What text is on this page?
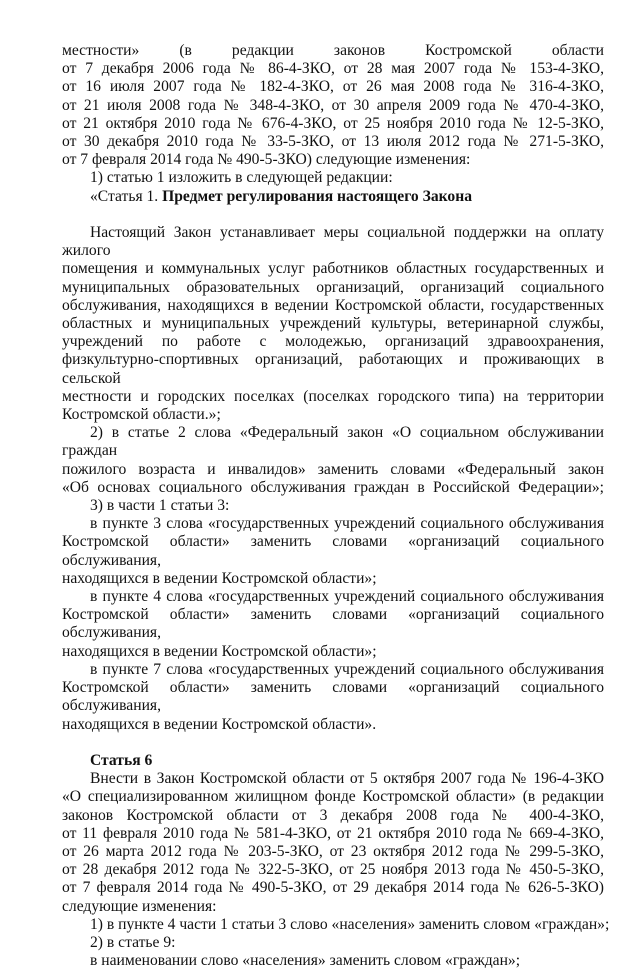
местности» (в редакции законов Костромской области

от 7 декабря 2006 года № 86-4-ЗКО, от 28 мая 2007 года № 153-4-ЗКО,

от 16 июля 2007 года № 182-4-ЗКО, от 26 мая 2008 года № 316-4-ЗКО,

от 21 июля 2008 года № 348-4-ЗКО, от 30 апреля 2009 года № 470-4-ЗКО,

от 21 октября 2010 года № 676-4-ЗКО, от 25 ноября 2010 года № 12-5-ЗКО,

от 30 декабря 2010 года № 33-5-ЗКО, от 13 июля 2012 года № 271-5-ЗКО,

от 7 февраля 2014 года № 490-5-ЗКО) следующие изменения:

1) статью 1 изложить в следующей редакции:

«Статья 1. Предмет регулирования настоящего Закона

Настоящий Закон устанавливает меры социальной поддержки на оплату жилого

помещения и коммунальных услуг работников областных государственных и

муниципальных образовательных организаций, организаций социального

обслуживания, находящихся в ведении Костромской области, государственных

областных и муниципальных учреждений культуры, ветеринарной службы,

учреждений по работе с молодежью, организаций здравоохранения,

физкультурно-спортивных организаций, работающих и проживающих в сельской

местности и городских поселках (поселках городского типа) на территории

Костромской области.»;

2) в статье 2 слова «Федеральный закон «О социальном обслуживании граждан

пожилого возраста и инвалидов» заменить словами «Федеральный закон

«Об основах социального обслуживания граждан в Российской Федерации»;

3) в части 1 статьи 3:

в пункте 3 слова «государственных учреждений социального обслуживания

Костромской области» заменить словами «организаций социального обслуживания,

находящихся в ведении Костромской области»;

в пункте 4 слова «государственных учреждений социального обслуживания

Костромской области» заменить словами «организаций социального обслуживания,

находящихся в ведении Костромской области»;

в пункте 7 слова «государственных учреждений социального обслуживания

Костромской области» заменить словами «организаций социального обслуживания,

находящихся в ведении Костромской области».

Статья 6

Внести в Закон Костромской области от 5 октября 2007 года № 196-4-ЗКО

«О специализированном жилищном фонде Костромской области» (в редакции

законов Костромской области от 3 декабря 2008 года № 400-4-ЗКО,

от 11 февраля 2010 года № 581-4-ЗКО, от 21 октября 2010 года № 669-4-ЗКО,

от 26 марта 2012 года № 203-5-ЗКО, от 23 октября 2012 года № 299-5-ЗКО,

от 28 декабря 2012 года № 322-5-ЗКО, от 25 ноября 2013 года № 450-5-ЗКО,

от 7 февраля 2014 года № 490-5-ЗКО, от 29 декабря 2014 года № 626-5-ЗКО)

следующие изменения:

1) в пункте 4 части 1 статьи 3 слово «населения» заменить словом «граждан»;

2) в статье 9:

в наименовании слово «населения» заменить словом «граждан»;
